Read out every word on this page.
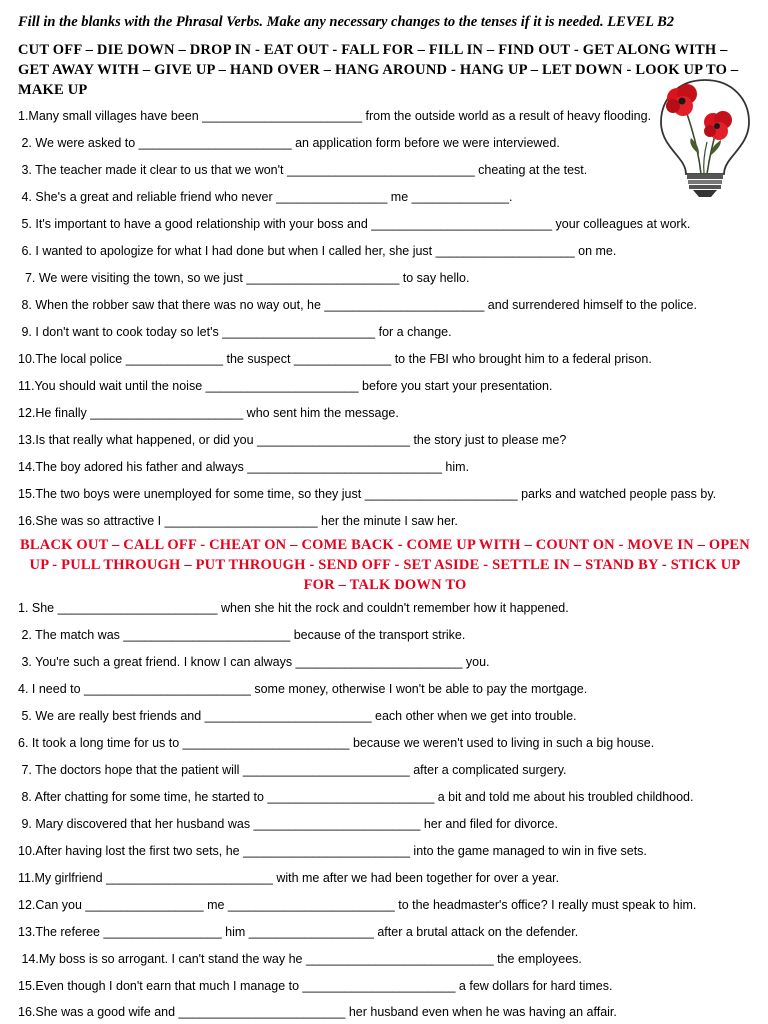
Fill in the blanks with the Phrasal Verbs. Make any necessary changes to the tenses if it is needed. LEVEL B2
CUT OFF – DIE DOWN – DROP IN - EAT OUT - FALL FOR – FILL IN – FIND OUT - GET ALONG WITH – GET AWAY WITH – GIVE UP – HAND OVER – HANG AROUND - HANG UP – LET DOWN - LOOK UP TO – MAKE UP
1.Many small villages have been _______________________ from the outside world as a result of heavy flooding.
2. We were asked to ______________________ an application form before we were interviewed.
3. The teacher made it clear to us that we won't ___________________________ cheating at the test.
4. She's a great and reliable friend who never ________________ me ______________.
5. It's important to have a good relationship with your boss and __________________________ your colleagues at work.
6. I wanted to apologize for what I had done but when I called her, she just ____________________ on me.
7. We were visiting the town, so we just ______________________ to say hello.
8. When the robber saw that there was no way out, he _______________________ and surrendered himself to the police.
9. I don't want to cook today so let's ______________________ for a change.
10.The local police ______________ the suspect ______________ to the FBI who brought him to a federal prison.
11.You should wait until the noise ______________________ before you start your presentation.
12.He finally ______________________ who sent him the message.
13.Is that really what happened, or did you ______________________ the story just to please me?
14.The boy adored his father and always ____________________________ him.
15.The two boys were unemployed for some time, so they just ______________________ parks and watched people pass by.
16.She was so attractive I ______________________ her the minute I saw her.
BLACK OUT – CALL OFF - CHEAT ON – COME BACK - COME UP WITH – COUNT ON - MOVE IN – OPEN UP - PULL THROUGH – PUT THROUGH - SEND OFF - SET ASIDE - SETTLE IN – STAND BY - STICK UP FOR – TALK DOWN TO
1. She _______________________ when she hit the rock and couldn't remember how it happened.
2. The match was ________________________ because of the transport strike.
3. You're such a great friend. I know I can always ________________________ you.
4. I need to ________________________ some money, otherwise I won't be able to pay the mortgage.
5. We are really best friends and ________________________ each other when we get into trouble.
6. It took a long time for us to ________________________ because we weren't used to living in such a big house.
7. The doctors hope that the patient will ________________________ after a complicated surgery.
8. After chatting for some time, he started to ________________________ a bit and told me about his troubled childhood.
9. Mary discovered that her husband was ________________________ her and filed for divorce.
10.After having lost the first two sets, he ________________________ into the game managed to win in five sets.
11.My girlfriend ________________________ with me after we had been together for over a year.
12.Can you _________________ me ________________________ to the headmaster's office? I really must speak to him.
13.The referee _________________ him __________________ after a brutal attack on the defender.
14.My boss is so arrogant. I can't stand the way he ___________________________ the employees.
15.Even though I don't earn that much I manage to ______________________ a few dollars for hard times.
16.She was a good wife and ________________________ her husband even when he was having an affair.
